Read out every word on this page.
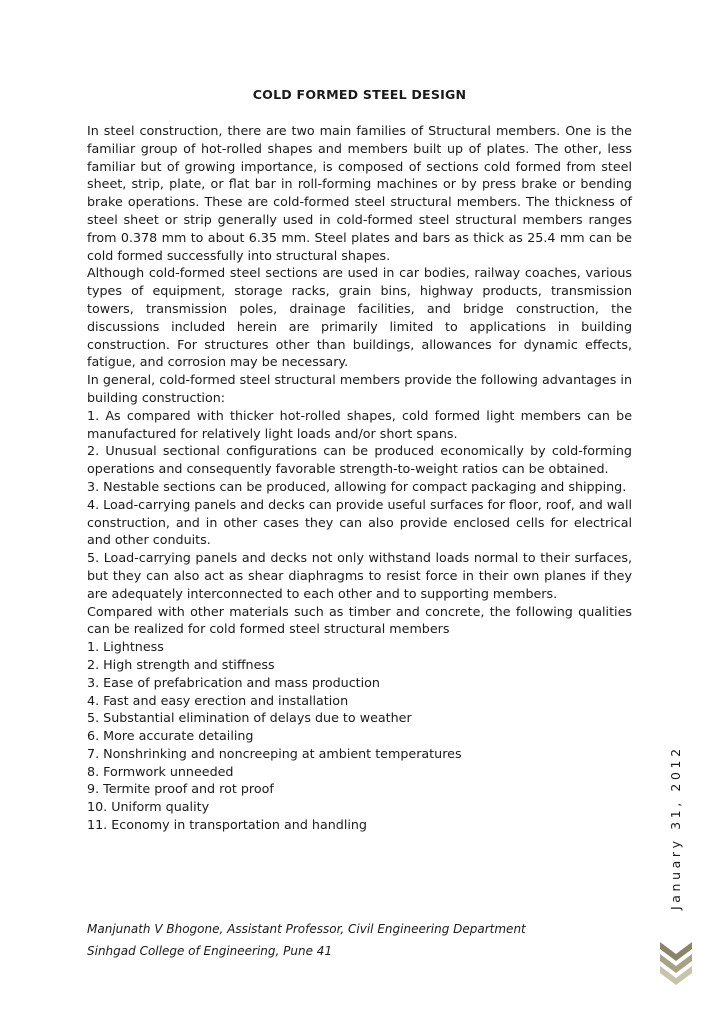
COLD FORMED STEEL DESIGN

In steel construction, there are two main families of Structural members. One is the familiar group of hot-rolled shapes and members built up of plates. The other, less familiar but of growing importance, is composed of sections cold formed from steel sheet, strip, plate, or flat bar in roll-forming machines or by press brake or bending brake operations. These are cold-formed steel structural members. The thickness of steel sheet or strip generally used in cold-formed steel structural members ranges from 0.378 mm to about 6.35 mm. Steel plates and bars as thick as 25.4 mm can be cold formed successfully into structural shapes.

Although cold-formed steel sections are used in car bodies, railway coaches, various types of equipment, storage racks, grain bins, highway products, transmission towers, transmission poles, drainage facilities, and bridge construction, the discussions included herein are primarily limited to applications in building construction. For structures other than buildings, allowances for dynamic effects, fatigue, and corrosion may be necessary.

In general, cold-formed steel structural members provide the following advantages in building construction:

1. As compared with thicker hot-rolled shapes, cold formed light members can be manufactured for relatively light loads and/or short spans.

2. Unusual sectional configurations can be produced economically by cold-forming operations and consequently favorable strength-to-weight ratios can be obtained.

3. Nestable sections can be produced, allowing for compact packaging and shipping.

4. Load-carrying panels and decks can provide useful surfaces for floor, roof, and wall construction, and in other cases they can also provide enclosed cells for electrical and other conduits.

5. Load-carrying panels and decks not only withstand loads normal to their surfaces, but they can also act as shear diaphragms to resist force in their own planes if they are adequately interconnected to each other and to supporting members.

Compared with other materials such as timber and concrete, the following qualities can be realized for cold formed steel structural members

1. Lightness
2. High strength and stiffness
3. Ease of prefabrication and mass production
4. Fast and easy erection and installation
5. Substantial elimination of delays due to weather
6. More accurate detailing
7. Nonshrinking and noncreeping at ambient temperatures
8. Formwork unneeded
9. Termite proof and rot proof
10. Uniform quality
11. Economy in transportation and handling
Manjunath V Bhogone, Assistant Professor, Civil Engineering Department
Sinhgad College of Engineering, Pune 41
January 31, 2012
